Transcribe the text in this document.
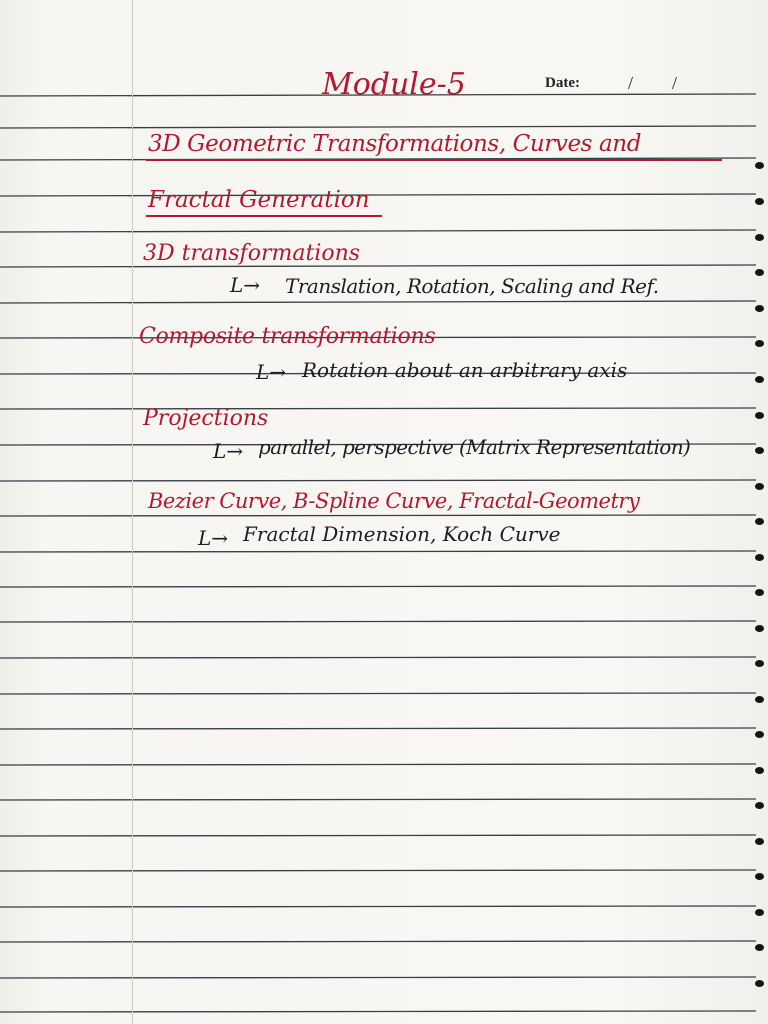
Module-5	Date:	/ /
3D Geometric Transformations, Curves and
Fractal Generation
3D transformations
L→ Translation, Rotation, Scaling and Ref.
Composite transformations
L→ Rotation about an arbitrary axis
Projections
L→ parallel, perspective (Matrix Representation)
Bezier Curve, B-Spline Curve, Fractal-Geometry
L→ Fractal Dimension, Koch Curve
